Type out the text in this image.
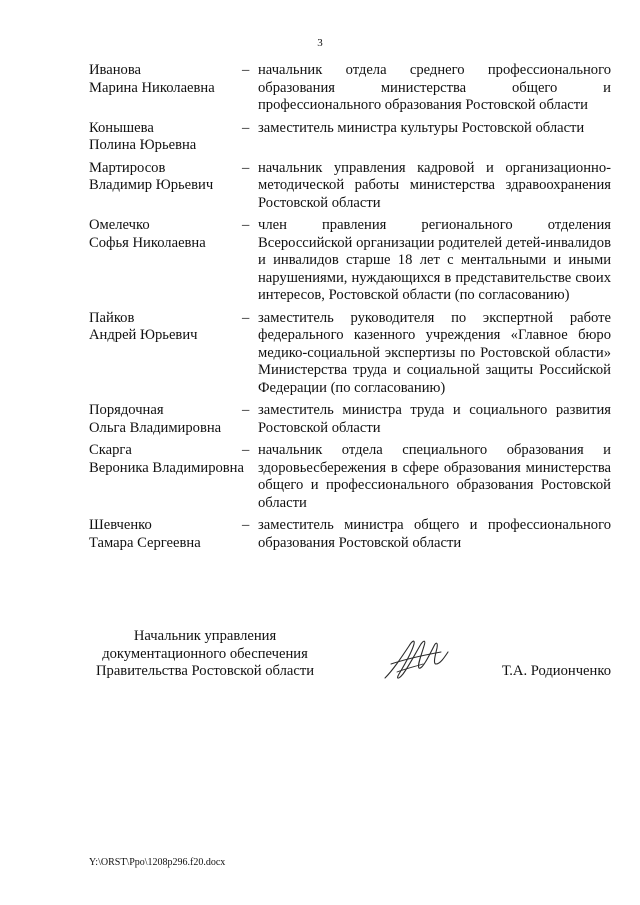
3
Иванова
Марина Николаевна
– начальник отдела среднего профессионального образования министерства общего и профессионального образования Ростовской области
Конышева
Полина Юрьевна
– заместитель министра культуры Ростовской области
Мартиросов
Владимир Юрьевич
– начальник управления кадровой и организационно-методической работы министерства здравоохранения Ростовской области
Омелечко
Софья Николаевна
– член правления регионального отделения Всероссийской организации родителей детей-инвалидов и инвалидов старше 18 лет с ментальными и иными нарушениями, нуждающихся в представительстве своих интересов, Ростовской области (по согласованию)
Пайков
Андрей Юрьевич
– заместитель руководителя по экспертной работе федерального казенного учреждения «Главное бюро медико-социальной экспертизы по Ростовской области» Министерства труда и социальной защиты Российской Федерации (по согласованию)
Порядочная
Ольга Владимировна
– заместитель министра труда и социального развития Ростовской области
Скарга
Вероника Владимировна
– начальник отдела специального образования и здоровьесбережения в сфере образования министерства общего и профессионального образования Ростовской области
Шевченко
Тамара Сергеевна
– заместитель министра общего и профессионального образования Ростовской области
Начальник управления
документационного обеспечения
Правительства Ростовской области	Т.А. Родионченко
Y:\ORST\Ppo\1208p296.f20.docx
